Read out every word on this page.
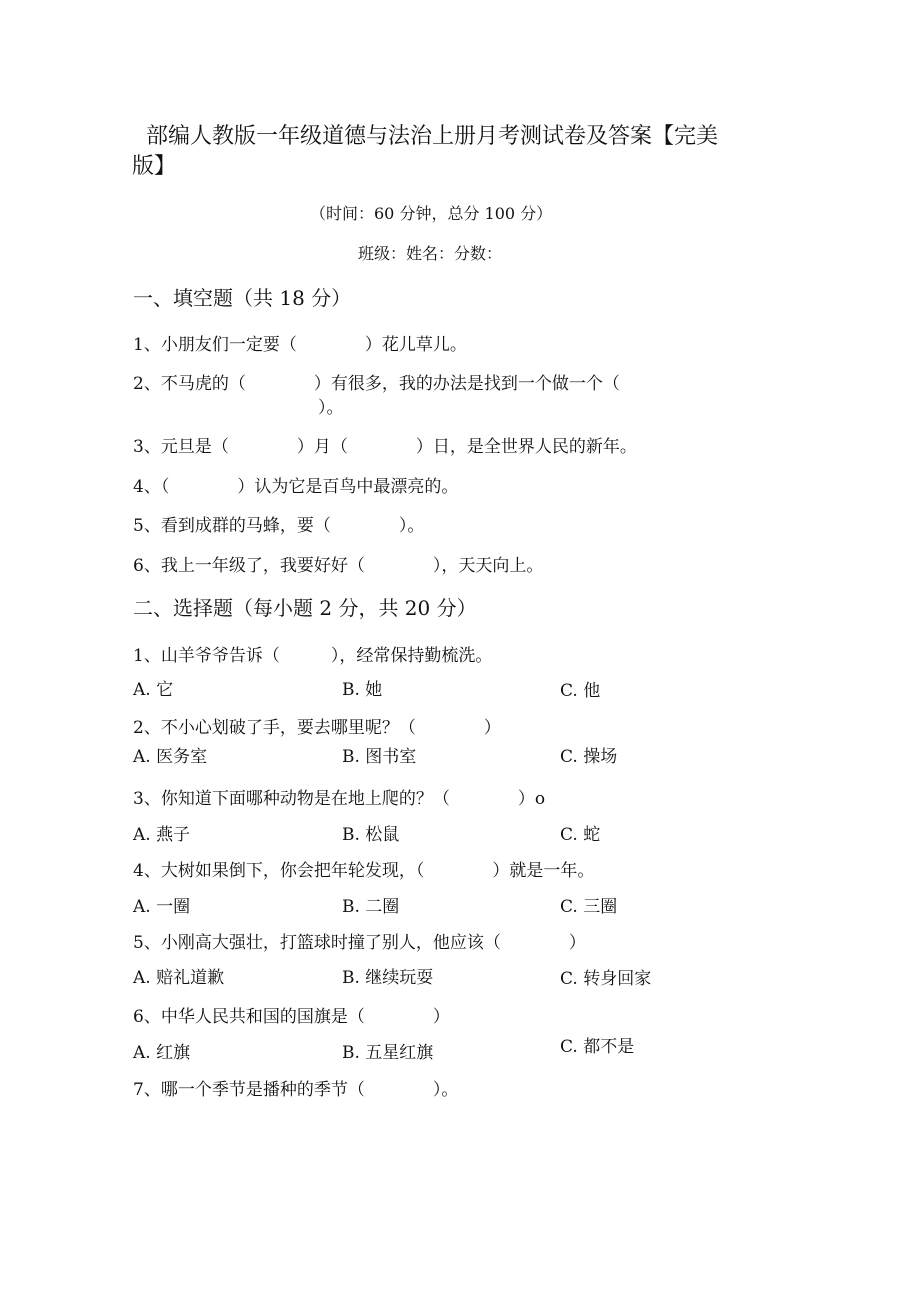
部编人教版一年级道德与法治上册月考测试卷及答案【完美
版】
（时间：60 分钟，总分 100 分）
班级：姓名：分数：
一、填空题（共 18 分）
1、小朋友们一定要（　　　　）花儿草儿。
2、不马虎的（　　　　）有很多，我的办法是找到一个做一个（
）。
3、元旦是（　　　　）月（　　　　）日，是全世界人民的新年。
4、（　　　　）认为它是百鸟中最漂亮的。
5、看到成群的马蜂，要（　　　　）。
6、我上一年级了，我要好好（　　　　），天天向上。
二、选择题（每小题 2 分，共 20 分）
1、山羊爷爷告诉（　　　），经常保持勤梳洗。
A. 它	B. 她	C. 他
2、不小心划破了手，要去哪里呢？（　　　　）
A. 医务室	B. 图书室	C. 操场
3、你知道下面哪种动物是在地上爬的？（　　　　）o
A. 燕子	B. 松鼠	C. 蛇
4、大树如果倒下，你会把年轮发现，（　　　　）就是一年。
A. 一圈	B. 二圈	C. 三圈
5、小刚高大强壮，打篮球时撞了别人，他应该（　　　　）
A. 赔礼道歉	B. 继续玩耍	C. 转身回家
6、中华人民共和国的国旗是（　　　　）
A. 红旗	B. 五星红旗	C. 都不是
7、哪一个季节是播种的季节（　　　　）。
